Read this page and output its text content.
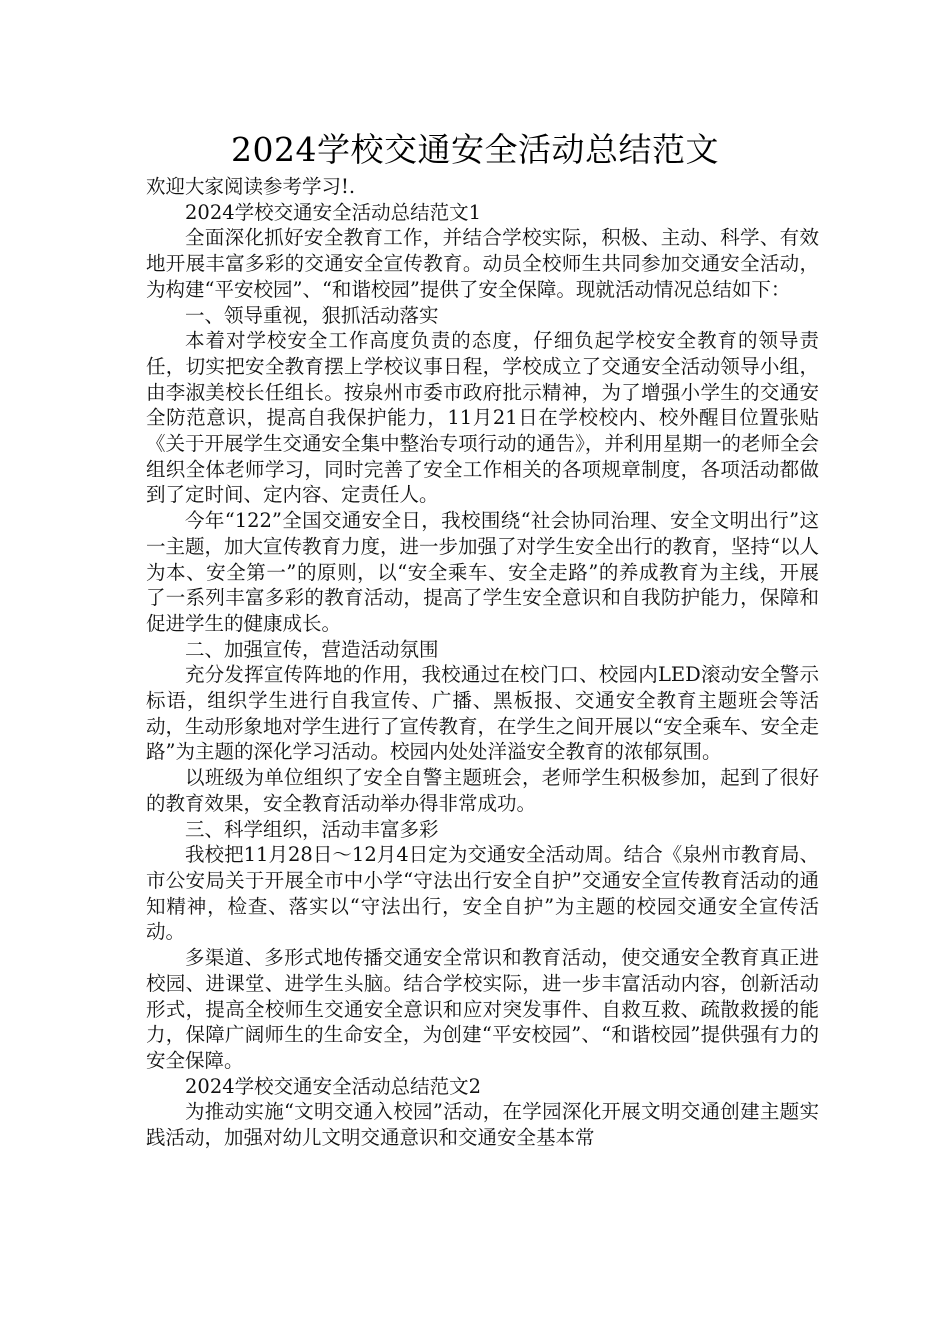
2024学校交通安全活动总结范文

欢迎大家阅读参考学习!.

2024学校交通安全活动总结范文1

全面深化抓好安全教育工作，并结合学校实际，积极、主动、科学、有效地开展丰富多彩的交通安全宣传教育。动员全校师生共同参加交通安全活动，为构建“平安校园”、“和谐校园”提供了安全保障。现就活动情况总结如下：

一、领导重视，狠抓活动落实

本着对学校安全工作高度负责的态度，仔细负起学校安全教育的领导责任，切实把安全教育摆上学校议事日程，学校成立了交通安全活动领导小组，由李淑美校长任组长。按泉州市委市政府批示精神，为了增强小学生的交通安全防范意识，提高自我保护能力，11月21日在学校校内、校外醒目位置张贴《关于开展学生交通安全集中整治专项行动的通告》，并利用星期一的老师全会组织全体老师学习，同时完善了安全工作相关的各项规章制度，各项活动都做到了定时间、定内容、定责任人。

今年“122”全国交通安全日，我校围绕“社会协同治理、安全文明出行”这一主题，加大宣传教育力度，进一步加强了对学生安全出行的教育，坚持“以人为本、安全第一”的原则，以“安全乘车、安全走路”的养成教育为主线，开展了一系列丰富多彩的教育活动，提高了学生安全意识和自我防护能力，保障和促进学生的健康成长。

二、加强宣传，营造活动氛围

充分发挥宣传阵地的作用，我校通过在校门口、校园内LED滚动安全警示标语，组织学生进行自我宣传、广播、黑板报、交通安全教育主题班会等活动，生动形象地对学生进行了宣传教育，在学生之间开展以“安全乘车、安全走路”为主题的深化学习活动。校园内处处洋溢安全教育的浓郁氛围。

以班级为单位组织了安全自警主题班会，老师学生积极参加，起到了很好的教育效果，安全教育活动举办得非常成功。

三、科学组织，活动丰富多彩

我校把11月28日～12月4日定为交通安全活动周。结合《泉州市教育局、市公安局关于开展全市中小学“守法出行安全自护”交通安全宣传教育活动的通知精神，检查、落实以“守法出行，安全自护”为主题的校园交通安全宣传活动。

多渠道、多形式地传播交通安全常识和教育活动，使交通安全教育真正进校园、进课堂、进学生头脑。结合学校实际，进一步丰富活动内容，创新活动形式，提高全校师生交通安全意识和应对突发事件、自救互救、疏散救援的能力，保障广阔师生的生命安全，为创建“平安校园”、“和谐校园”提供强有力的安全保障。

2024学校交通安全活动总结范文2

为推动实施“文明交通入校园”活动，在学园深化开展文明交通创建主题实践活动，加强对幼儿文明交通意识和交通安全基本常
